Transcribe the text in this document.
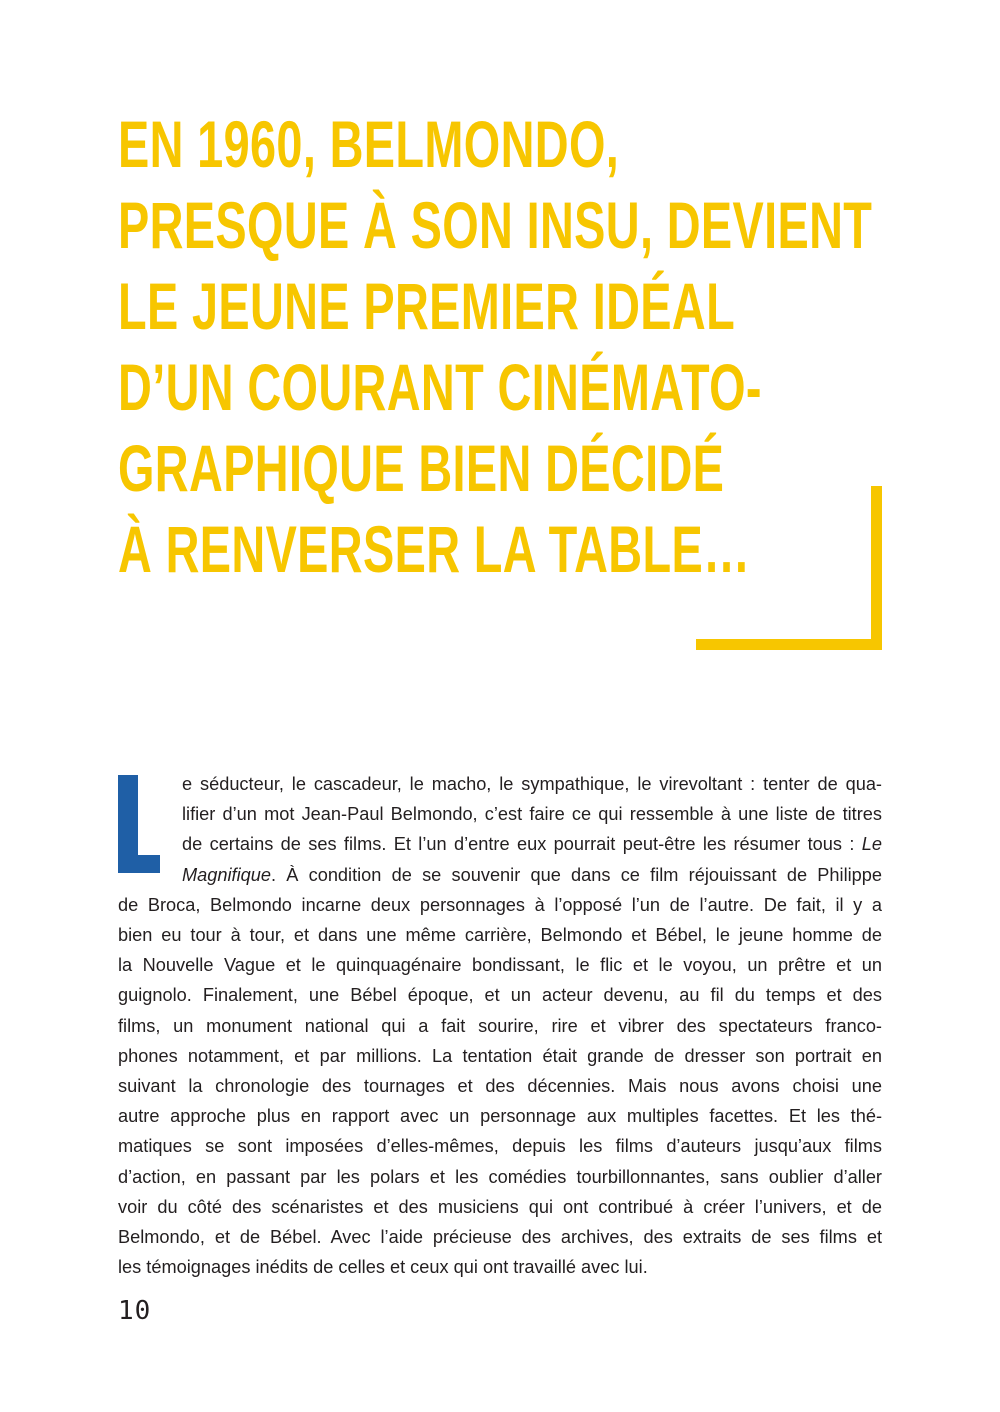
EN 1960, BELMONDO,
PRESQUE À SON INSU, DEVIENT
LE JEUNE PREMIER IDÉAL
D’UN COURANT CINÉMATO-
GRAPHIQUE BIEN DÉCIDÉ
À RENVERSER LA TABLE…
e séducteur, le cascadeur, le macho, le sympathique, le virevoltant : tenter de qua-
lifier d’un mot Jean-Paul Belmondo, c’est faire ce qui ressemble à une liste de titres
de certains de ses films. Et l’un d’entre eux pourrait peut-être les résumer tous : Le
Magnifique. À condition de se souvenir que dans ce film réjouissant de Philippe
de Broca, Belmondo incarne deux personnages à l’opposé l’un de l’autre. De fait, il y a
bien eu tour à tour, et dans une même carrière, Belmondo et Bébel, le jeune homme de
la Nouvelle Vague et le quinquagénaire bondissant, le flic et le voyou, un prêtre et un
guignolo. Finalement, une Bébel époque, et un acteur devenu, au fil du temps et des
films, un monument national qui a fait sourire, rire et vibrer des spectateurs franco-
phones notamment, et par millions. La tentation était grande de dresser son portrait en
suivant la chronologie des tournages et des décennies. Mais nous avons choisi une
autre approche plus en rapport avec un personnage aux multiples facettes. Et les thé-
matiques se sont imposées d’elles-mêmes, depuis les films d’auteurs jusqu’aux films
d’action, en passant par les polars et les comédies tourbillonnantes, sans oublier d’aller
voir du côté des scénaristes et des musiciens qui ont contribué à créer l’univers, et de
Belmondo, et de Bébel. Avec l’aide précieuse des archives, des extraits de ses films et
les témoignages inédits de celles et ceux qui ont travaillé avec lui.
10
